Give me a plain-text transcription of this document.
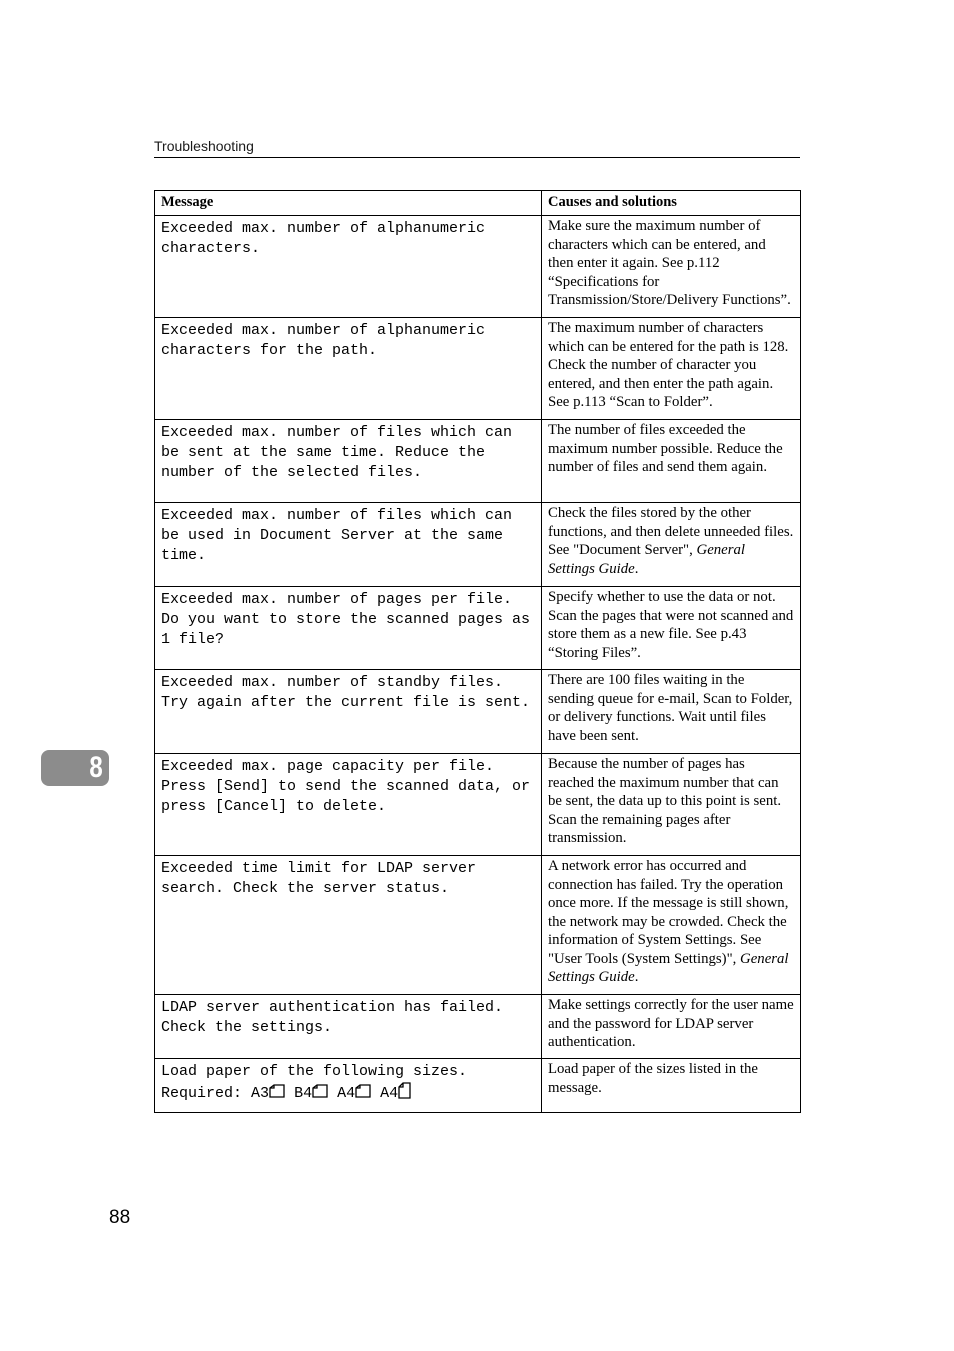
Troubleshooting
Message	Causes and solutions
Exceeded max. number of alphanumeric characters.	Make sure the maximum number of characters which can be entered, and then enter it again. See p.112 “Specifications for Transmission/Store/Delivery Functions”.
Exceeded max. number of alphanumeric characters for the path.	The maximum number of characters which can be entered for the path is 128. Check the number of character you entered, and then enter the path again. See p.113 “Scan to Folder”.
Exceeded max. number of files which can be sent at the same time. Reduce the number of the selected files.	The number of files exceeded the maximum number possible. Reduce the number of files and send them again.
Exceeded max. number of files which can be used in Document Server at the same time.	Check the files stored by the other functions, and then delete unneeded files. See "Document Server", General Settings Guide.
Exceeded max. number of pages per file. Do you want to store the scanned pages as 1 file?	Specify whether to use the data or not. Scan the pages that were not scanned and store them as a new file. See p.43 “Storing Files”.
Exceeded max. number of standby files. Try again after the current file is sent.	There are 100 files waiting in the sending queue for e-mail, Scan to Folder, or delivery functions. Wait until files have been sent.
Exceeded max. page capacity per file. Press [Send] to send the scanned data, or press [Cancel] to delete.	Because the number of pages has reached the maximum number that can be sent, the data up to this point is sent. Scan the remaining pages after transmission.
Exceeded time limit for LDAP server search. Check the server status.	A network error has occurred and connection has failed. Try the operation once more. If the message is still shown, the network may be crowded. Check the information of System Settings. See "User Tools (System Settings)", General Settings Guide.
LDAP server authentication has failed. Check the settings.	Make settings correctly for the user name and the password for LDAP server authentication.
Load paper of the following sizes. Required: A3 B4 A4 A4	Load paper of the sizes listed in the message.
8
88
